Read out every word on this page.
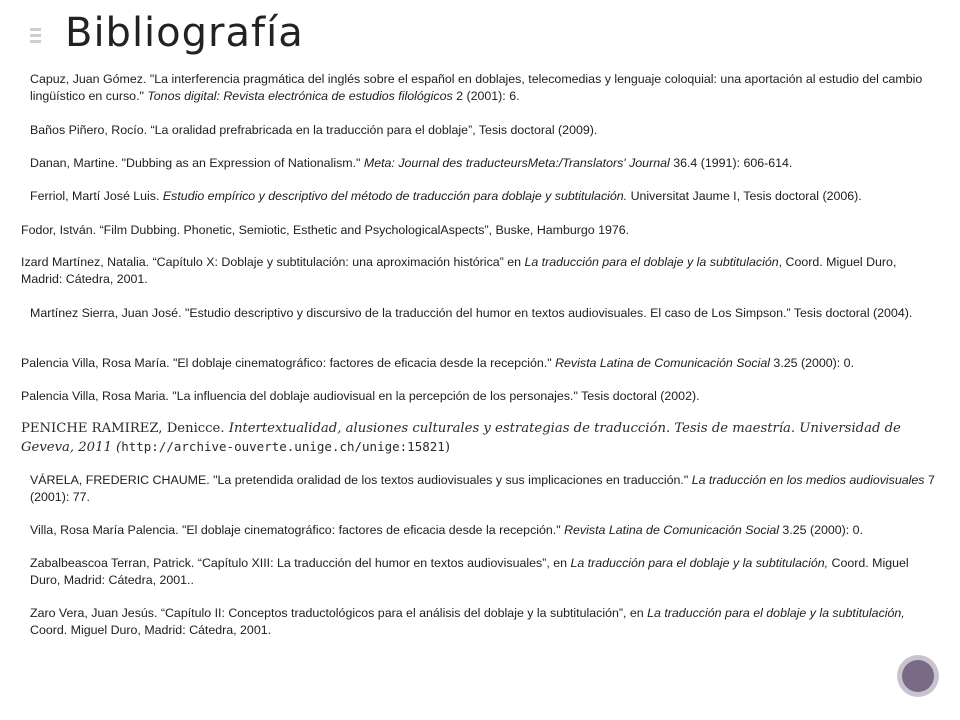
Bibliografía
Capuz, Juan Gómez. "La interferencia pragmática del inglés sobre el español en doblajes, telecomedias y lenguaje coloquial: una aportación al estudio del cambio lingüístico en curso." Tonos digital: Revista electrónica de estudios filológicos 2 (2001): 6.
Baños Piñero, Rocío. “La oralidad prefrabricada en la traducción para el doblaje”, Tesis doctoral (2009).
Danan, Martine. "Dubbing as an Expression of Nationalism." Meta: Journal des traducteursMeta:/Translators' Journal 36.4 (1991): 606-614.
Ferriol, Martí José Luis. Estudio empírico y descriptivo del método de traducción para doblaje y subtitulación. Universitat Jaume I, Tesis doctoral (2006).
Fodor, István. “Film Dubbing. Phonetic, Semiotic, Esthetic and PsychologicalAspects”, Buske, Hamburgo 1976.
Izard Martínez, Natalia. “Capítulo X: Doblaje y subtitulación: una aproximación histórica” en La traducción para el doblaje y la subtitulación, Coord. Miguel Duro, Madrid: Cátedra, 2001.
Martínez Sierra, Juan José. "Estudio descriptivo y discursivo de la traducción del humor en textos audiovisuales. El caso de Los Simpson.” Tesis doctoral (2004).
Palencia Villa, Rosa María. "El doblaje cinematográfico: factores de eficacia desde la recepción." Revista Latina de Comunicación Social 3.25 (2000): 0.
Palencia Villa, Rosa Maria. "La influencia del doblaje audiovisual en la percepción de los personajes." Tesis doctoral (2002).
PENICHE RAMIREZ, Denicce. Intertextualidad, alusiones culturales y estrategias de traducción. Tesis de maestría. Universidad de Geveva, 2011 (http://archive-ouverte.unige.ch/unige:15821)
VÁRELA, FREDERIC CHAUME. "La pretendida oralidad de los textos audiovisuales y sus implicaciones en traducción." La traducción en los medios audiovisuales 7 (2001): 77.
Villa, Rosa María Palencia. "El doblaje cinematográfico: factores de eficacia desde la recepción." Revista Latina de Comunicación Social 3.25 (2000): 0.
Zabalbeascoa Terran, Patrick. “Capítulo XIII: La traducción del humor en textos audiovisuales”, en La traducción para el doblaje y la subtitulación, Coord. Miguel Duro, Madrid: Cátedra, 2001..
Zaro Vera, Juan Jesús. “Capítulo II: Conceptos traductológicos para el análisis del doblaje y la subtitulación”, en La traducción para el doblaje y la subtitulación, Coord. Miguel Duro, Madrid: Cátedra, 2001.
